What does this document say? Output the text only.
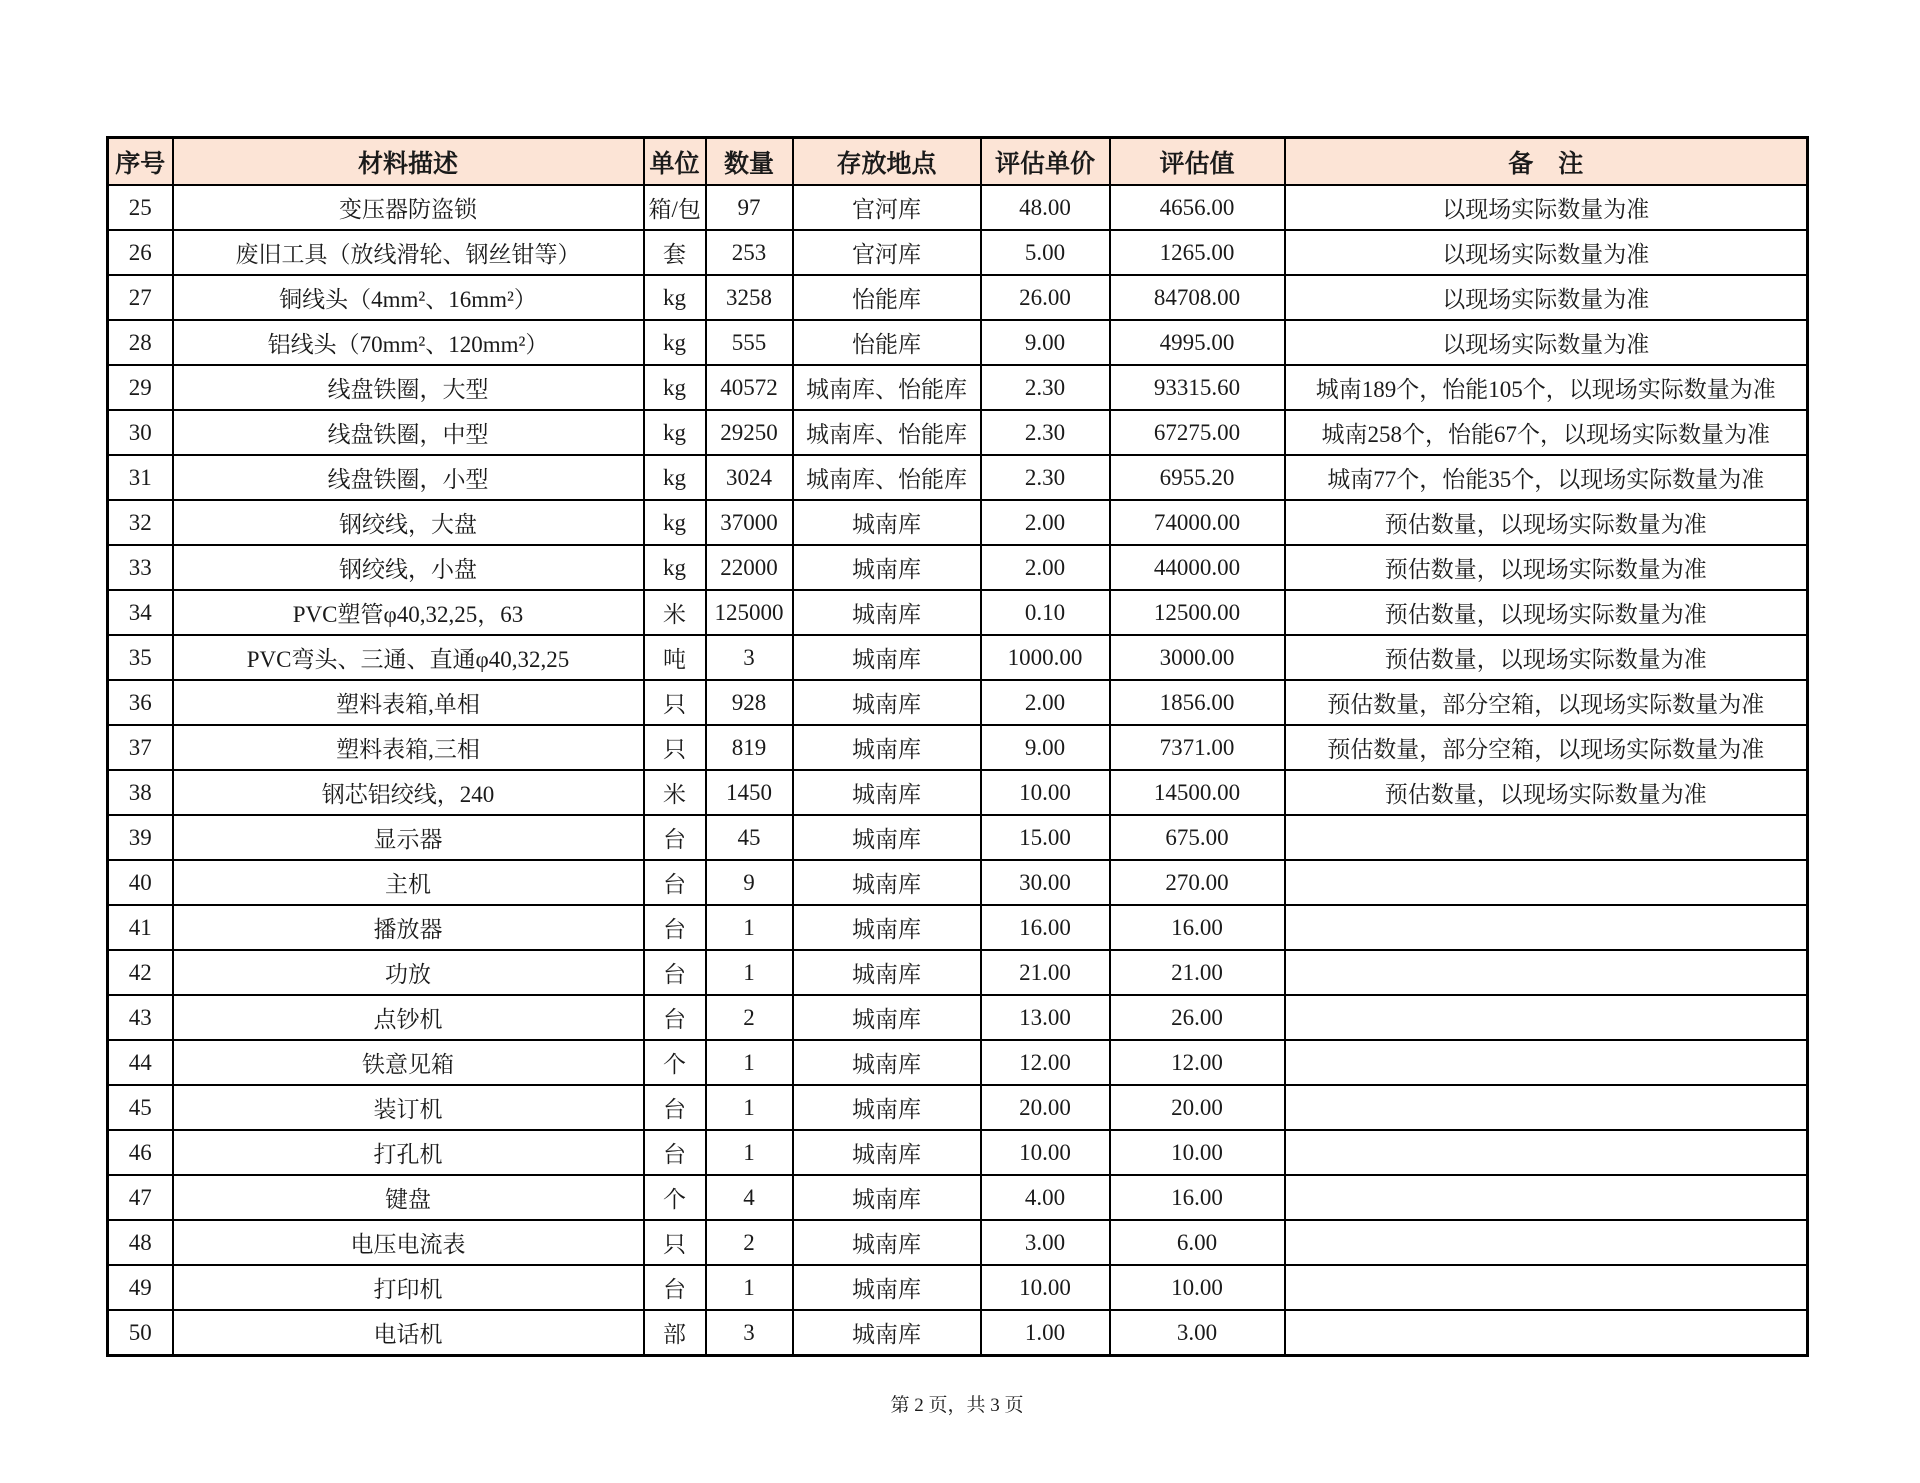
序号	材料描述	单位	数量	存放地点	评估单价	评估值	备　注
25	变压器防盗锁	箱/包	97	官河库	48.00	4656.00	以现场实际数量为准
26	废旧工具（放线滑轮、钢丝钳等）	套	253	官河库	5.00	1265.00	以现场实际数量为准
27	铜线头（4mm²、16mm²）	kg	3258	怡能库	26.00	84708.00	以现场实际数量为准
28	铝线头（70mm²、120mm²）	kg	555	怡能库	9.00	4995.00	以现场实际数量为准
29	线盘铁圈，大型	kg	40572	城南库、怡能库	2.30	93315.60	城南189个，怡能105个，以现场实际数量为准
30	线盘铁圈，中型	kg	29250	城南库、怡能库	2.30	67275.00	城南258个，怡能67个，以现场实际数量为准
31	线盘铁圈，小型	kg	3024	城南库、怡能库	2.30	6955.20	城南77个，怡能35个，以现场实际数量为准
32	钢绞线，大盘	kg	37000	城南库	2.00	74000.00	预估数量，以现场实际数量为准
33	钢绞线，小盘	kg	22000	城南库	2.00	44000.00	预估数量，以现场实际数量为准
34	PVC塑管φ40,32,25，63	米	125000	城南库	0.10	12500.00	预估数量，以现场实际数量为准
35	PVC弯头、三通、直通φ40,32,25	吨	3	城南库	1000.00	3000.00	预估数量，以现场实际数量为准
36	塑料表箱,单相	只	928	城南库	2.00	1856.00	预估数量，部分空箱，以现场实际数量为准
37	塑料表箱,三相	只	819	城南库	9.00	7371.00	预估数量，部分空箱，以现场实际数量为准
38	钢芯铝绞线，240	米	1450	城南库	10.00	14500.00	预估数量，以现场实际数量为准
39	显示器	台	45	城南库	15.00	675.00	
40	主机	台	9	城南库	30.00	270.00	
41	播放器	台	1	城南库	16.00	16.00	
42	功放	台	1	城南库	21.00	21.00	
43	点钞机	台	2	城南库	13.00	26.00	
44	铁意见箱	个	1	城南库	12.00	12.00	
45	装订机	台	1	城南库	20.00	20.00	
46	打孔机	台	1	城南库	10.00	10.00	
47	键盘	个	4	城南库	4.00	16.00	
48	电压电流表	只	2	城南库	3.00	6.00	
49	打印机	台	1	城南库	10.00	10.00	
50	电话机	部	3	城南库	1.00	3.00	
第 2 页，共 3 页
